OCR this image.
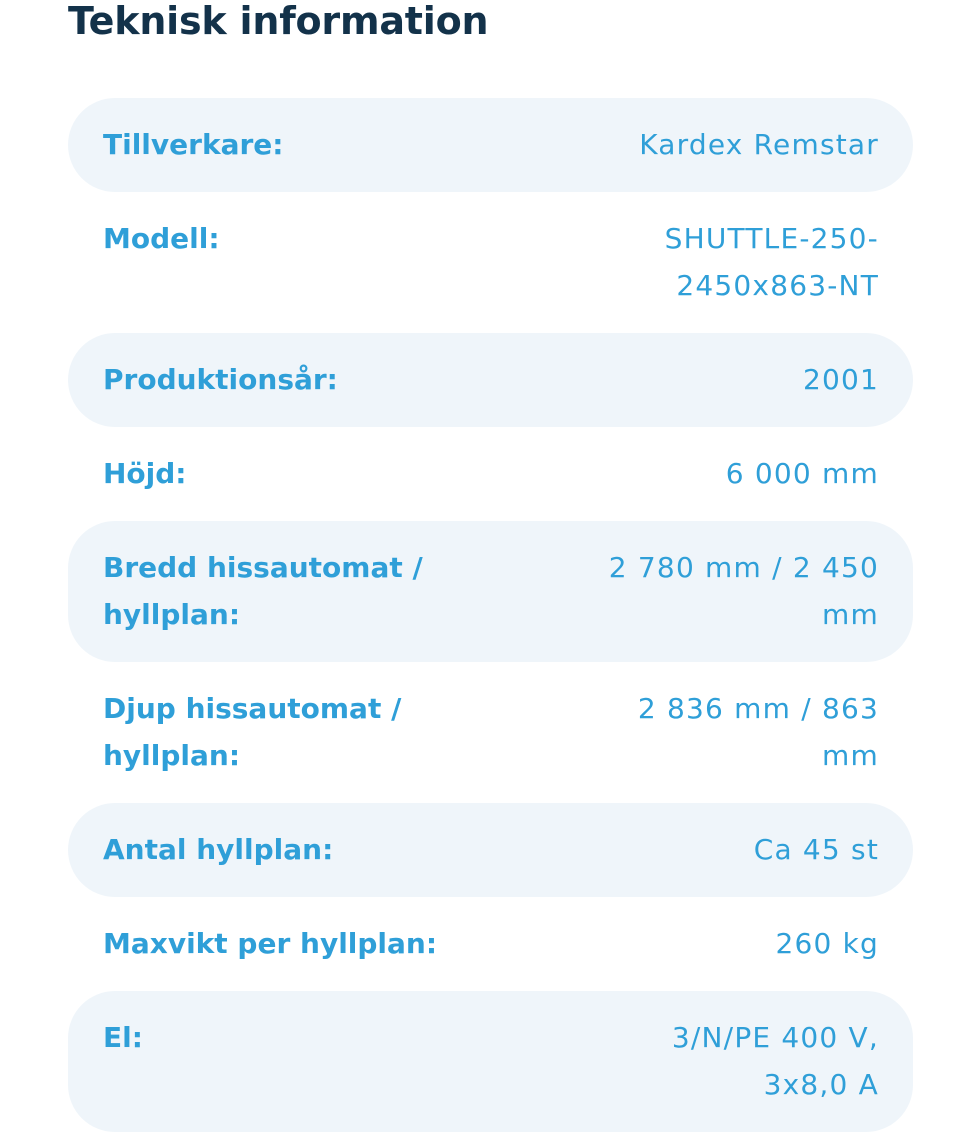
Teknisk information
Tillverkare:	Kardex Remstar
Modell:	SHUTTLE-250-2450x863-NT
Produktionsår:	2001
Höjd:	6 000 mm
Bredd hissautomat / hyllplan:
2 780 mm / 2 450 mm
Djup hissautomat / hyllplan:
2 836 mm / 863 mm
Antal hyllplan:	Ca 45 st
Maxvikt per hyllplan:	260 kg
El:	3/N/PE 400 V, 3x8,0 A
